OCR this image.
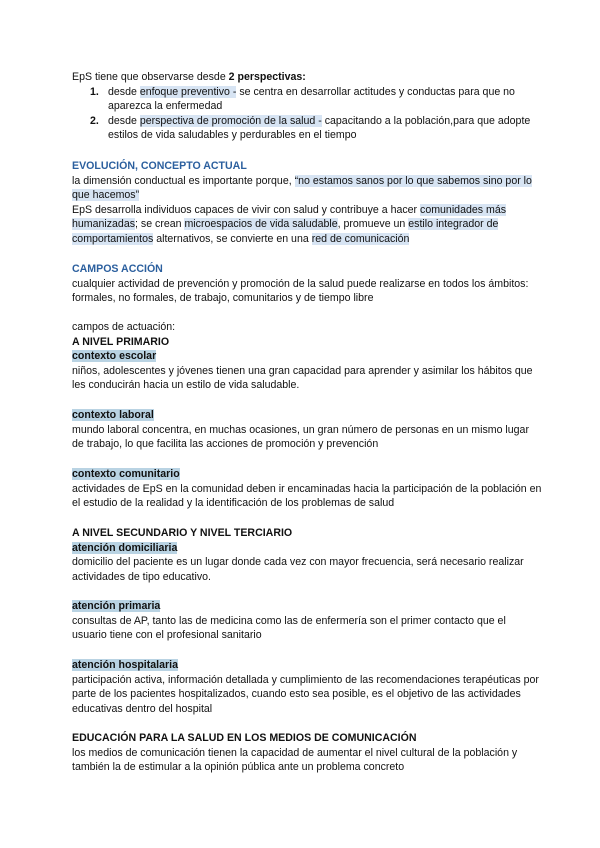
EpS tiene que observarse desde 2 perspectivas:

1. desde enfoque preventivo - se centra en desarrollar actitudes y conductas para que no aparezca la enfermedad
2. desde perspectiva de promoción de la salud - capacitando a la población,para que adopte estilos de vida saludables y perdurables en el tiempo

EVOLUCIÓN, CONCEPTO ACTUAL

la dimensión conductual es importante porque, “no estamos sanos por lo que sabemos sino por lo que hacemos”

EpS desarrolla individuos capaces de vivir con salud y contribuye a hacer comunidades más humanizadas; se crean microespacios de vida saludable, promueve un estilo integrador de comportamientos alternativos, se convierte en una red de comunicación

CAMPOS ACCIÓN

cualquier actividad de prevención y promoción de la salud puede realizarse en todos los ámbitos: formales, no formales, de trabajo, comunitarios y de tiempo libre

campos de actuación:

A NIVEL PRIMARIO

contexto escolar

niños, adolescentes y jóvenes tienen una gran capacidad para aprender y asimilar los hábitos que les conducirán hacia un estilo de vida saludable.

contexto laboral

mundo laboral concentra, en muchas ocasiones, un gran número de personas en un mismo lugar de trabajo, lo que facilita las acciones de promoción y prevención

contexto comunitario

actividades de EpS en la comunidad deben ir encaminadas hacia la participación de la población en el estudio de la realidad y la identificación de los problemas de salud

A NIVEL SECUNDARIO Y NIVEL TERCIARIO

atención domiciliaria

domicilio del paciente es un lugar donde cada vez con mayor frecuencia, será necesario realizar actividades de tipo educativo.

atención primaria

consultas de AP, tanto las de medicina como las de enfermería son el primer contacto que el usuario tiene con el profesional sanitario

atención hospitalaria

participación activa, información detallada y cumplimiento de las recomendaciones terapéuticas por parte de los pacientes hospitalizados, cuando esto sea posible, es el objetivo de las actividades educativas dentro del hospital

EDUCACIÓN PARA LA SALUD EN LOS MEDIOS DE COMUNICACIÓN

los medios de comunicación tienen la capacidad de aumentar el nivel cultural de la población y también la de estimular a la opinión pública ante un problema concreto
